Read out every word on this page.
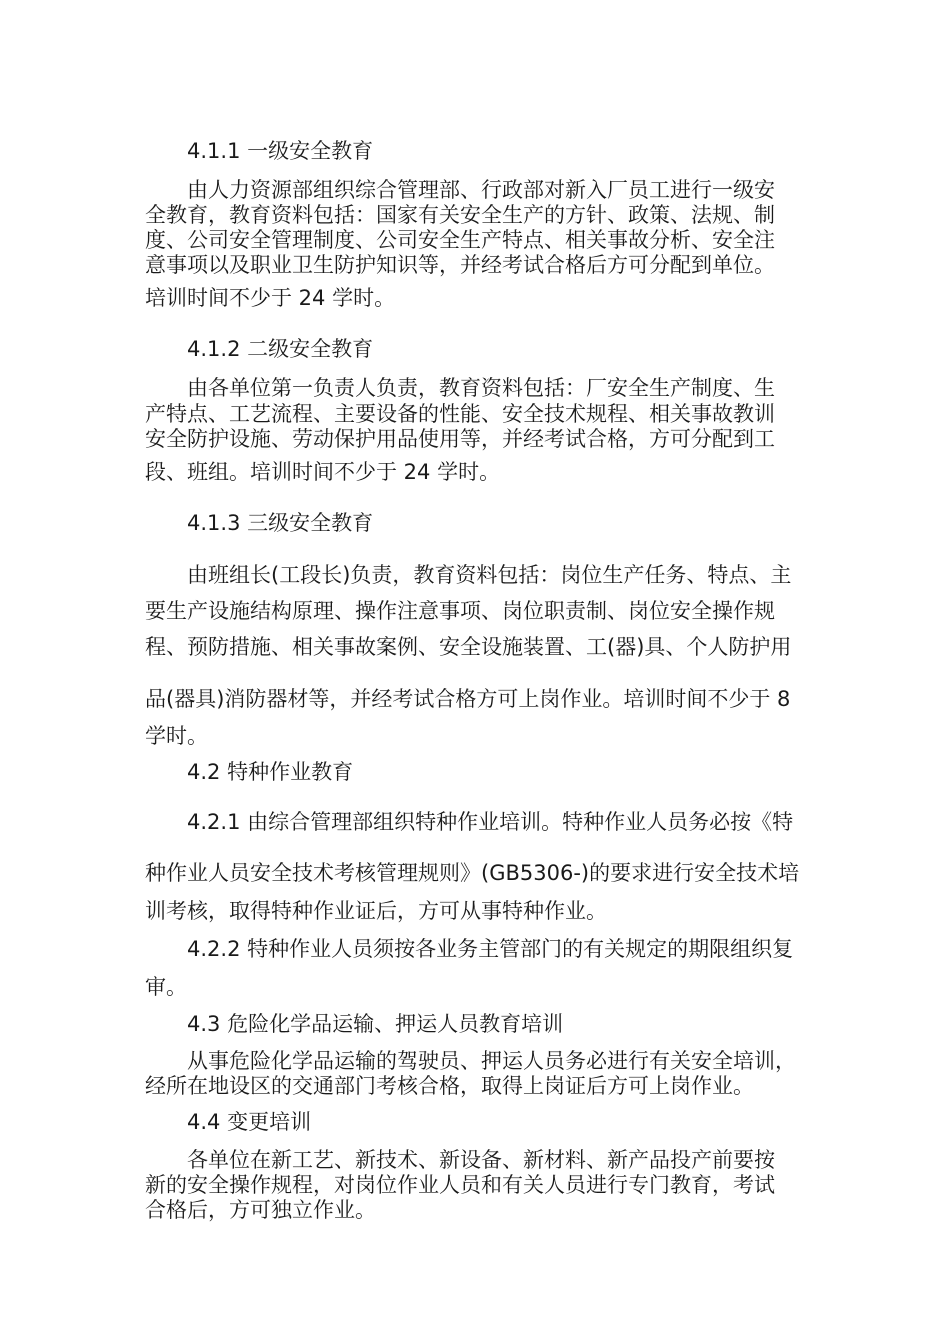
4.1.1 一级安全教育
由人力资源部组织综合管理部、行政部对新入厂员工进行一级安
全教育，教育资料包括：国家有关安全生产的方针、政策、法规、制
度、公司安全管理制度、公司安全生产特点、相关事故分析、安全注
意事项以及职业卫生防护知识等，并经考试合格后方可分配到单位。
培训时间不少于 24 学时。
4.1.2 二级安全教育
由各单位第一负责人负责，教育资料包括：厂安全生产制度、生
产特点、工艺流程、主要设备的性能、安全技术规程、相关事故教训
安全防护设施、劳动保护用品使用等，并经考试合格，方可分配到工
段、班组。培训时间不少于 24 学时。
4.1.3 三级安全教育
由班组长(工段长)负责，教育资料包括：岗位生产任务、特点、主
要生产设施结构原理、操作注意事项、岗位职责制、岗位安全操作规
程、预防措施、相关事故案例、安全设施装置、工(器)具、个人防护用
品(器具)消防器材等，并经考试合格方可上岗作业。培训时间不少于 8
学时。
4.2 特种作业教育
4.2.1 由综合管理部组织特种作业培训。特种作业人员务必按《特
种作业人员安全技术考核管理规则》(GB5306-)的要求进行安全技术培
训考核，取得特种作业证后，方可从事特种作业。
4.2.2 特种作业人员须按各业务主管部门的有关规定的期限组织复
审。
4.3 危险化学品运输、押运人员教育培训
从事危险化学品运输的驾驶员、押运人员务必进行有关安全培训，
经所在地设区的交通部门考核合格，取得上岗证后方可上岗作业。
4.4 变更培训
各单位在新工艺、新技术、新设备、新材料、新产品投产前要按
新的安全操作规程，对岗位作业人员和有关人员进行专门教育，考试
合格后，方可独立作业。
